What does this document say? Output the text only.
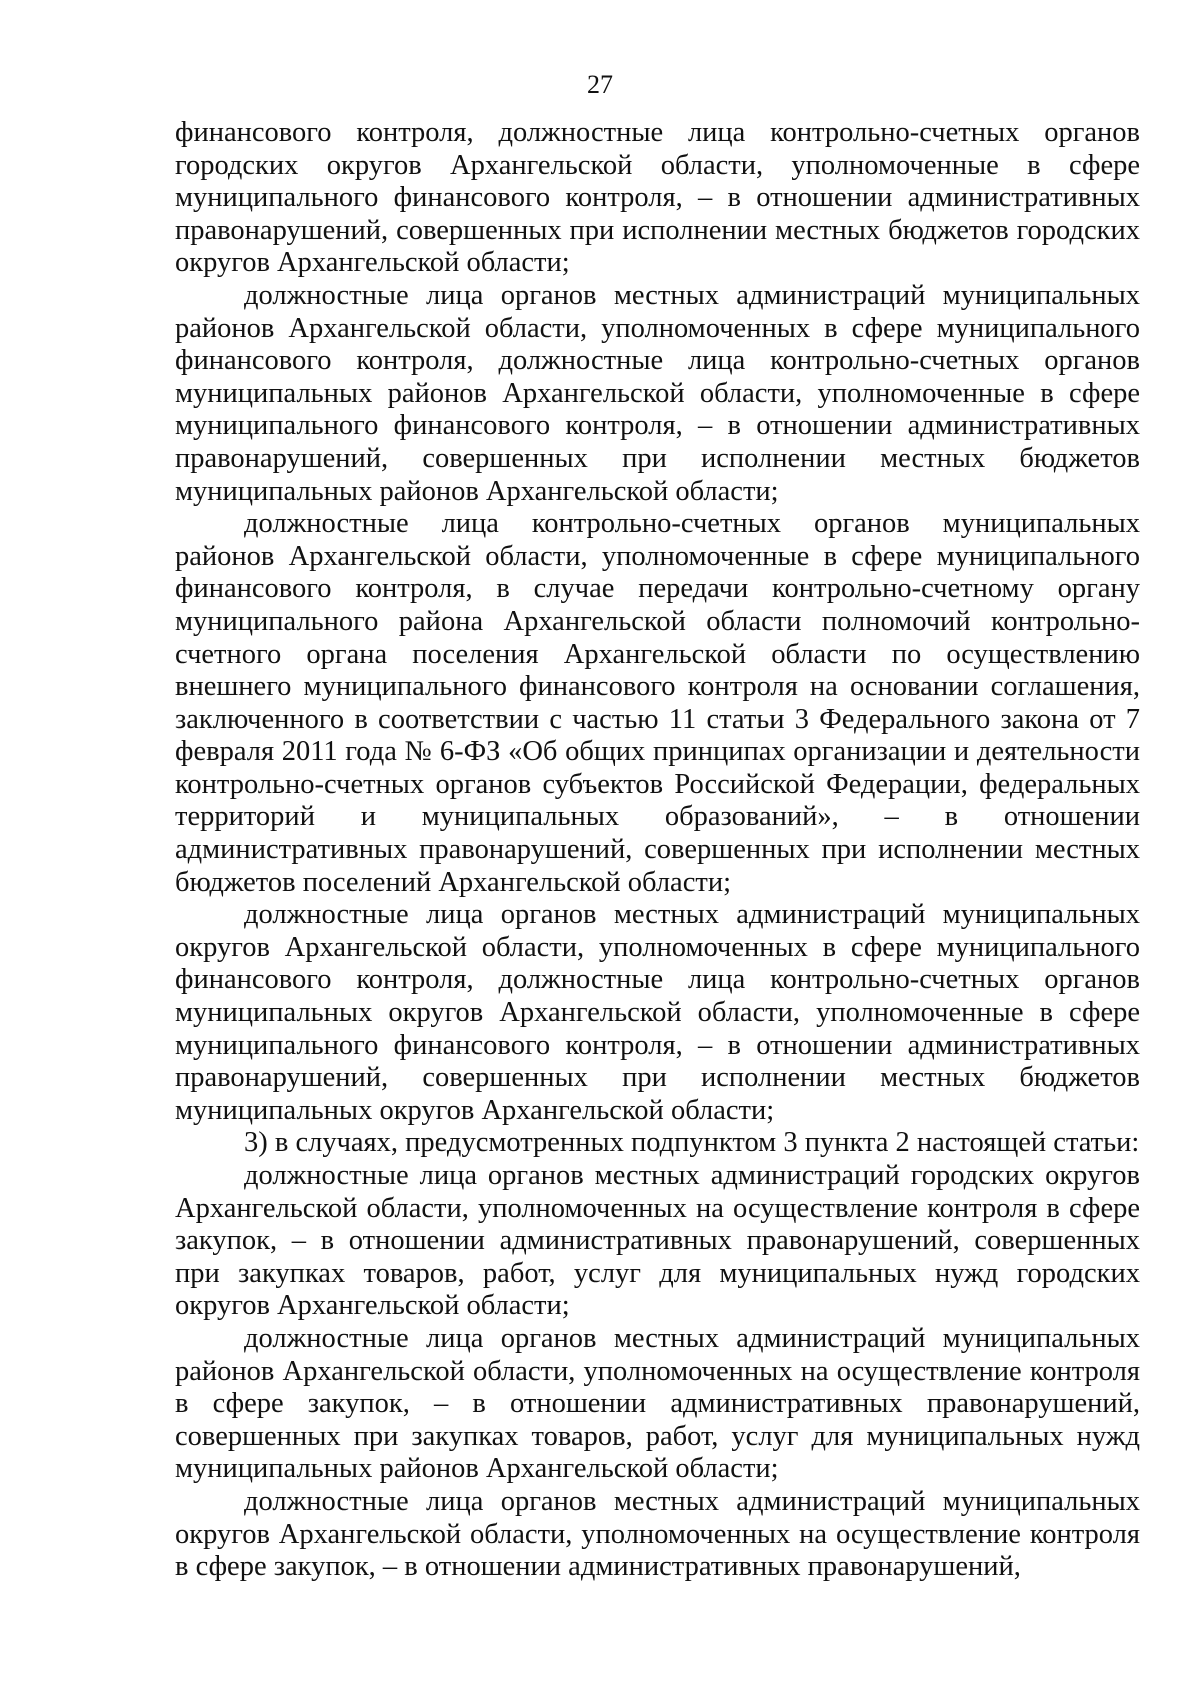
27

финансового контроля, должностные лица контрольно-счетных органов городских округов Архангельской области, уполномоченные в сфере муниципального финансового контроля, – в отношении административных правонарушений, совершенных при исполнении местных бюджетов городских округов Архангельской области;

должностные лица органов местных администраций муниципальных районов Архангельской области, уполномоченных в сфере муниципального финансового контроля, должностные лица контрольно-счетных органов муниципальных районов Архангельской области, уполномоченные в сфере муниципального финансового контроля, – в отношении административных правонарушений, совершенных при исполнении местных бюджетов муниципальных районов Архангельской области;

должностные лица контрольно-счетных органов муниципальных районов Архангельской области, уполномоченные в сфере муниципального финансового контроля, в случае передачи контрольно-счетному органу муниципального района Архангельской области полномочий контрольно-счетного органа поселения Архангельской области по осуществлению внешнего муниципального финансового контроля на основании соглашения, заключенного в соответствии с частью 11 статьи 3 Федерального закона от 7 февраля 2011 года № 6-ФЗ «Об общих принципах организации и деятельности контрольно-счетных органов субъектов Российской Федерации, федеральных территорий и муниципальных образований», – в отношении административных правонарушений, совершенных при исполнении местных бюджетов поселений Архангельской области;

должностные лица органов местных администраций муниципальных округов Архангельской области, уполномоченных в сфере муниципального финансового контроля, должностные лица контрольно-счетных органов муниципальных округов Архангельской области, уполномоченные в сфере муниципального финансового контроля, – в отношении административных правонарушений, совершенных при исполнении местных бюджетов муниципальных округов Архангельской области;

3) в случаях, предусмотренных подпунктом 3 пункта 2 настоящей статьи:

должностные лица органов местных администраций городских округов Архангельской области, уполномоченных на осуществление контроля в сфере закупок, – в отношении административных правонарушений, совершенных при закупках товаров, работ, услуг для муниципальных нужд городских округов Архангельской области;

должностные лица органов местных администраций муниципальных районов Архангельской области, уполномоченных на осуществление контроля в сфере закупок, – в отношении административных правонарушений, совершенных при закупках товаров, работ, услуг для муниципальных нужд муниципальных районов Архангельской области;

должностные лица органов местных администраций муниципальных округов Архангельской области, уполномоченных на осуществление контроля в сфере закупок, – в отношении административных правонарушений,
